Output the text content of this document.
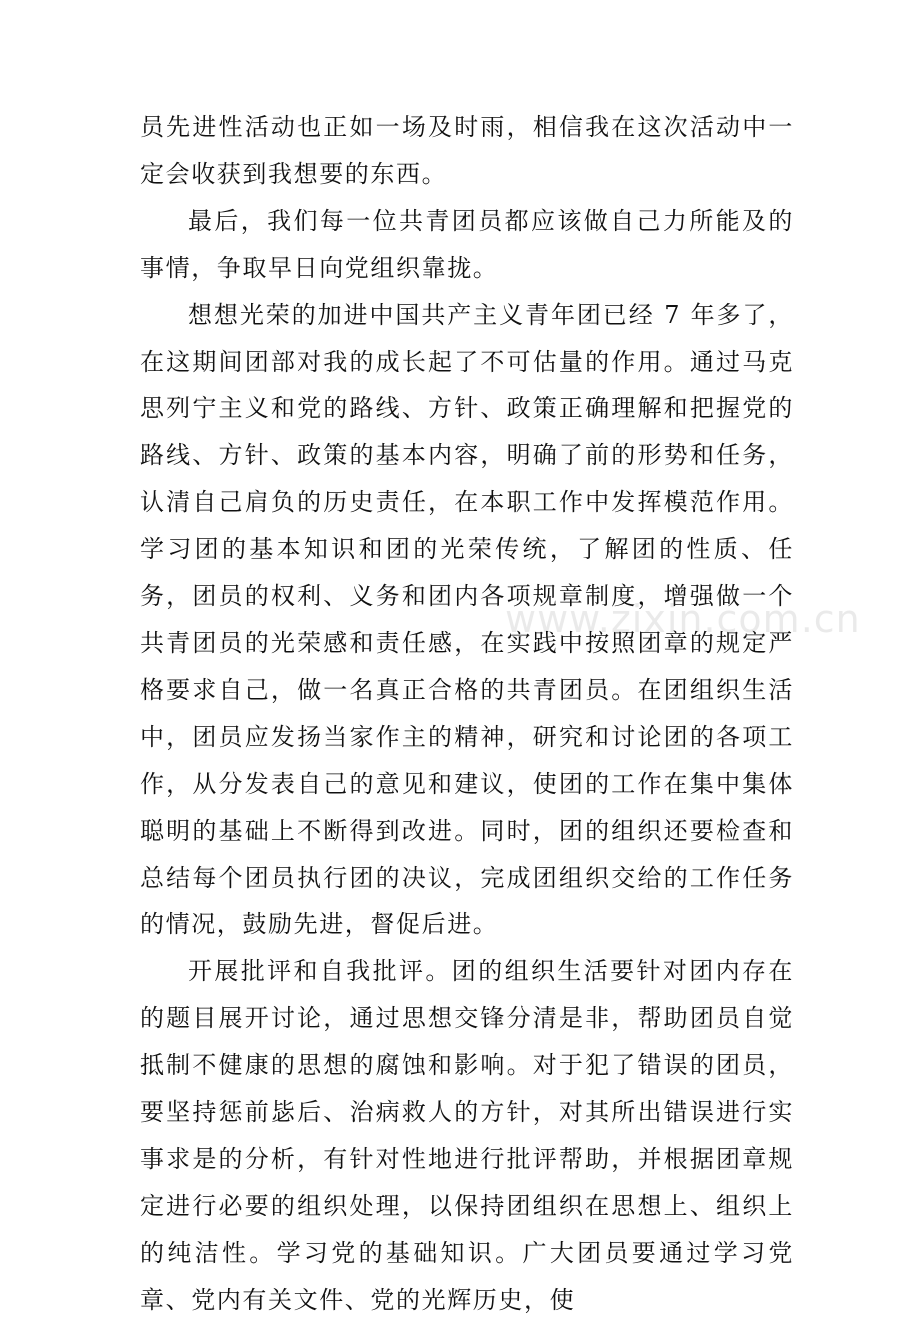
员先进性活动也正如一场及时雨，相信我在这次活动中一定会收获到我想要的东西。

最后，我们每一位共青团员都应该做自己力所能及的事情，争取早日向党组织靠拢。

想想光荣的加进中国共产主义青年团已经 7 年多了，在这期间团部对我的成长起了不可估量的作用。通过马克思列宁主义和党的路线、方针、政策正确理解和把握党的路线、方针、政策的基本内容，明确了前的形势和任务，认清自己肩负的历史责任，在本职工作中发挥模范作用。学习团的基本知识和团的光荣传统，了解团的性质、任务，团员的权利、义务和团内各项规章制度，增强做一个共青团员的光荣感和责任感，在实践中按照团章的规定严格要求自己，做一名真正合格的共青团员。在团组织生活中，团员应发扬当家作主的精神，研究和讨论团的各项工作，从分发表自己的意见和建议，使团的工作在集中集体聪明的基础上不断得到改进。同时，团的组织还要检查和总结每个团员执行团的决议，完成团组织交给的工作任务的情况，鼓励先进，督促后进。

开展批评和自我批评。团的组织生活要针对团内存在的题目展开讨论，通过思想交锋分清是非，帮助团员自觉抵制不健康的思想的腐蚀和影响。对于犯了错误的团员，要坚持惩前毖后、治病救人的方针，对其所出错误进行实事求是的分析，有针对性地进行批评帮助，并根据团章规定进行必要的组织处理，以保持团组织在思想上、组织上的纯洁性。学习党的基础知识。广大团员要通过学习党章、党内有关文件、党的光辉历史，使

www.zixin.com.cn
